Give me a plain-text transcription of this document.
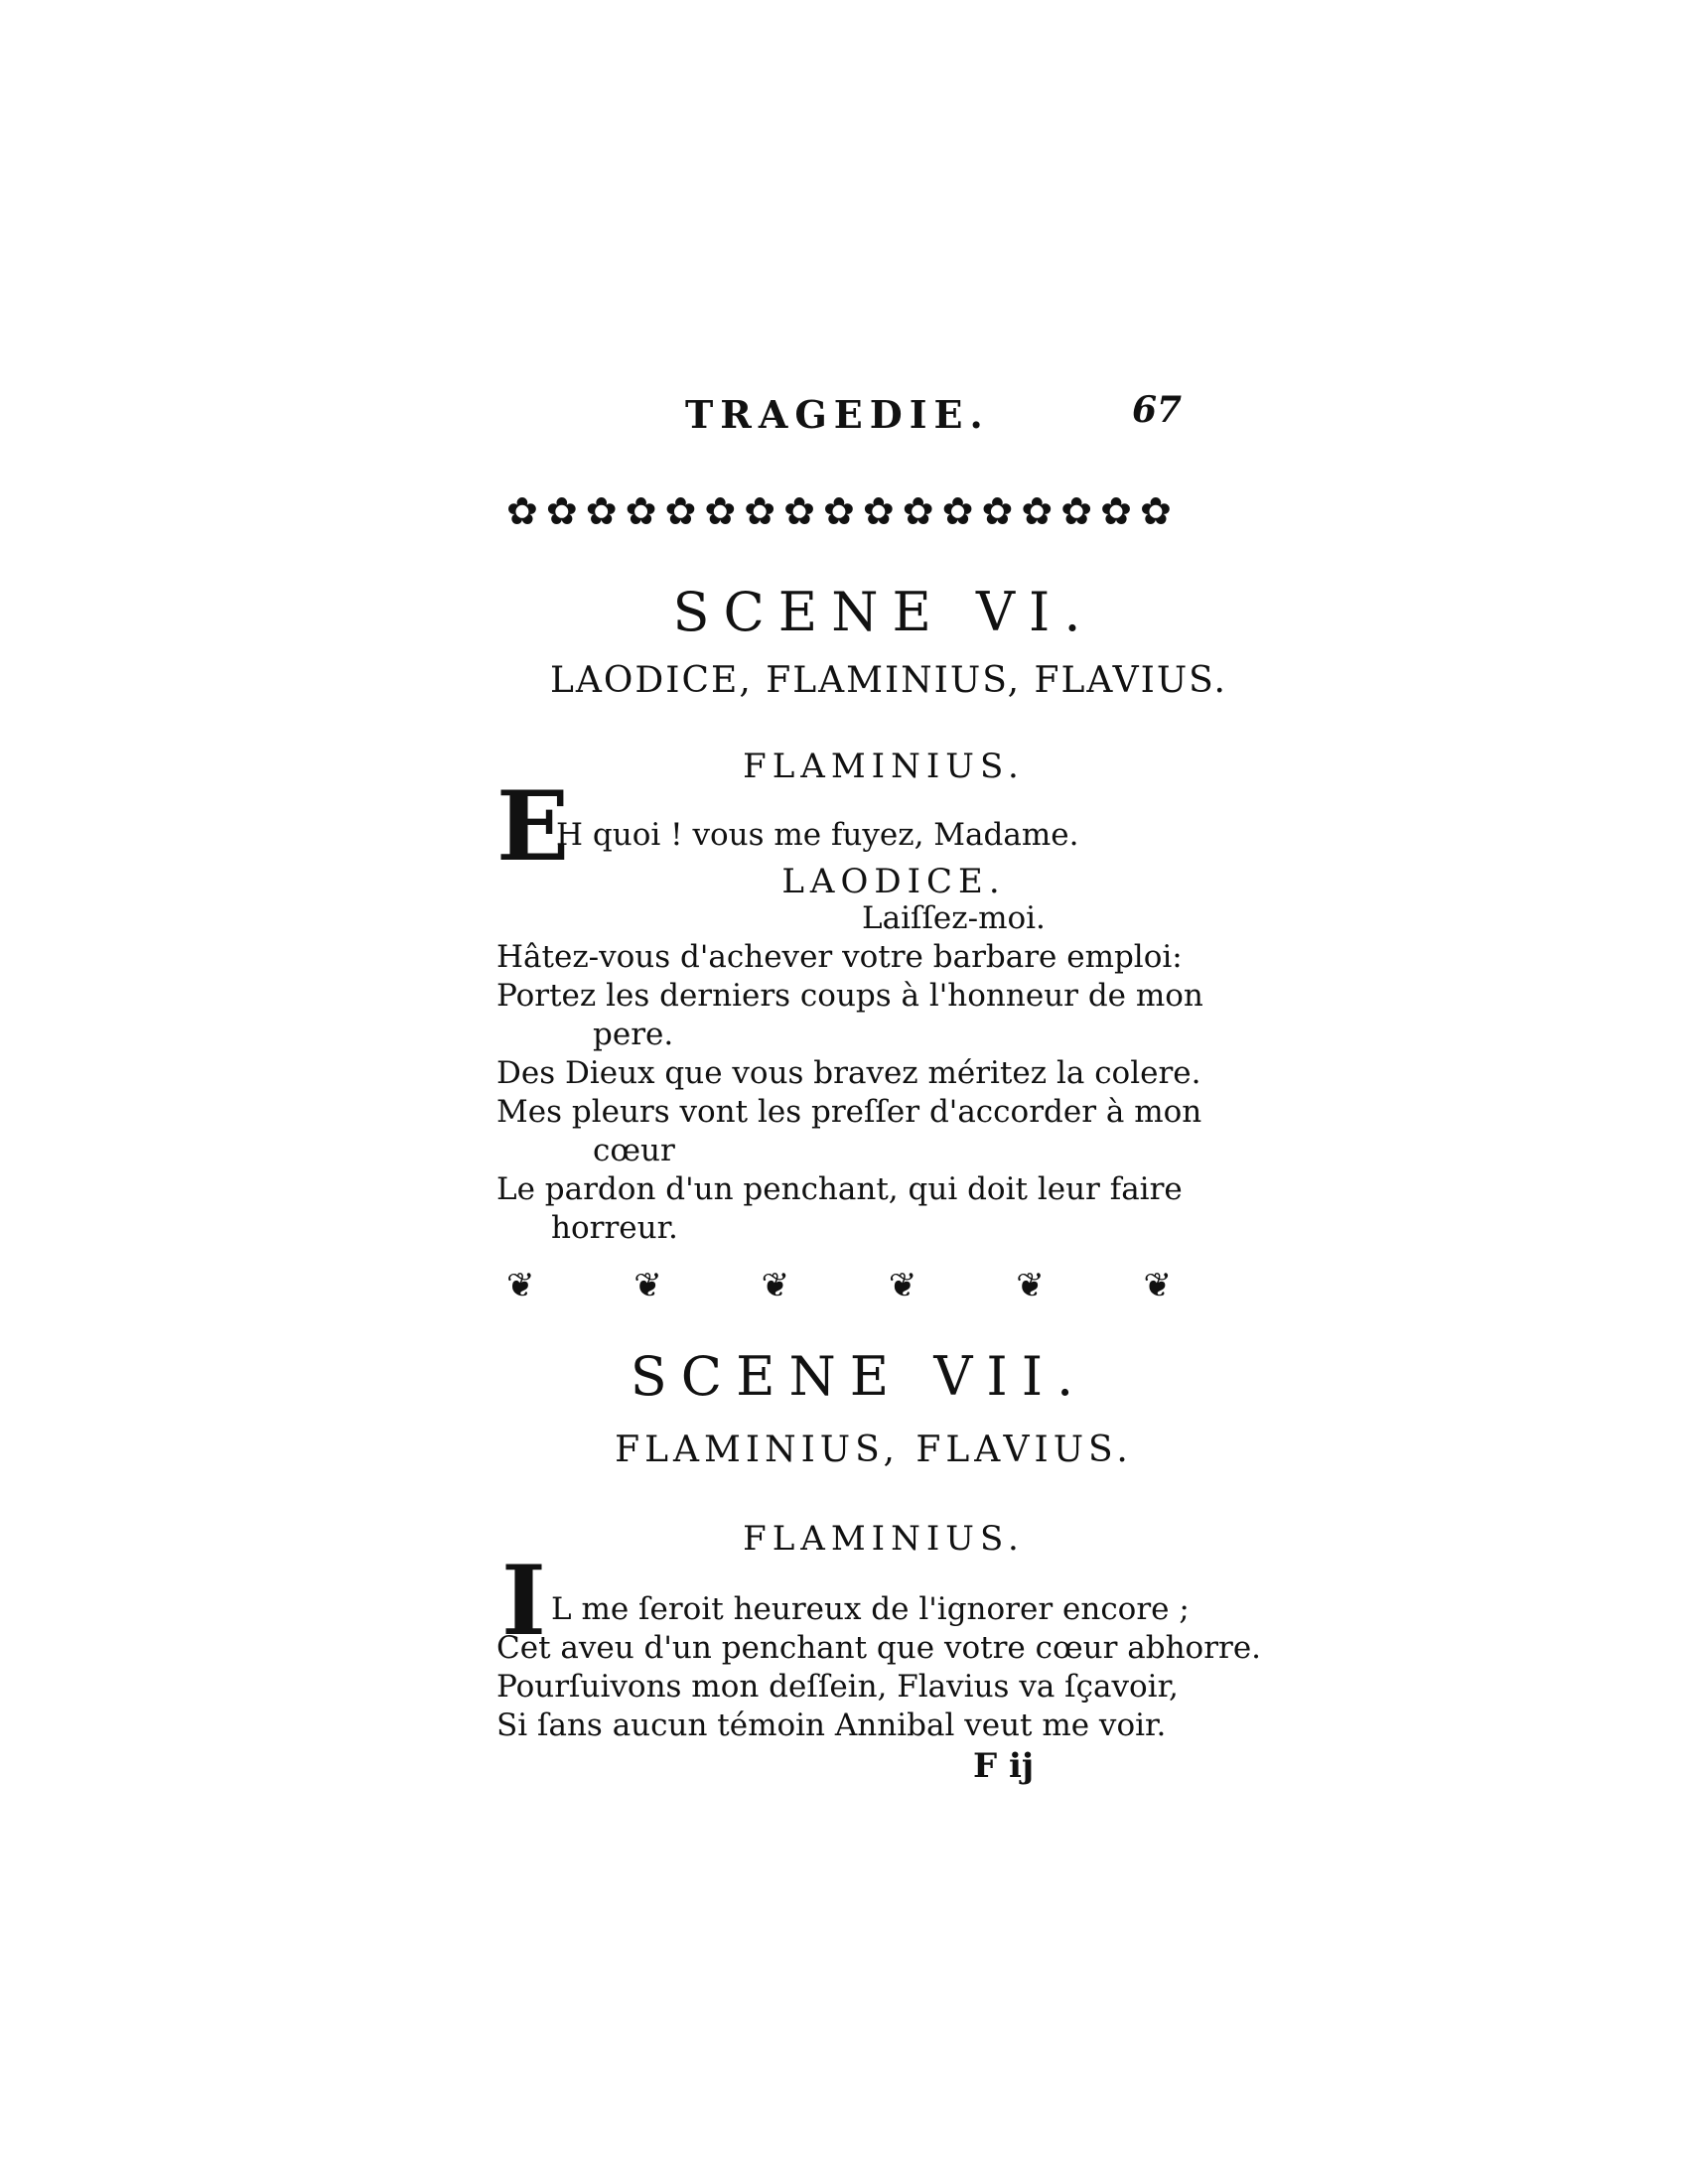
TRAGEDIE.	67
✿ ✿ ✿ ✿ ✿ ✿ ✿ ✿ ✿ ✿ ✿ ✿ ✿ ✿ ✿ ✿ ✿
SCENE VI.
LAODICE, FLAMINIUS, FLAVIUS.
FLAMINIUS.
E
H quoi ! vous me fuyez, Madame.
LAODICE.
Laiſſez-moi.
Hâtez-vous d'achever votre barbare emploi:
Portez les derniers coups à l'honneur de mon
pere.
Des Dieux que vous bravez méritez la colere.
Mes pleurs vont les preſſer d'accorder à mon
cœur
Le pardon d'un penchant, qui doit leur faire
horreur.
❦	❦	❦	❦	❦	❦
SCENE VII.
FLAMINIUS, FLAVIUS.
FLAMINIUS.
I L me ſeroit heureux de l'ignorer encore ;
Cet aveu d'un penchant que votre cœur abhorre.
Pourſuivons mon deſſein, Flavius va ſçavoir,
Si ſans aucun témoin Annibal veut me voir.
F ij
